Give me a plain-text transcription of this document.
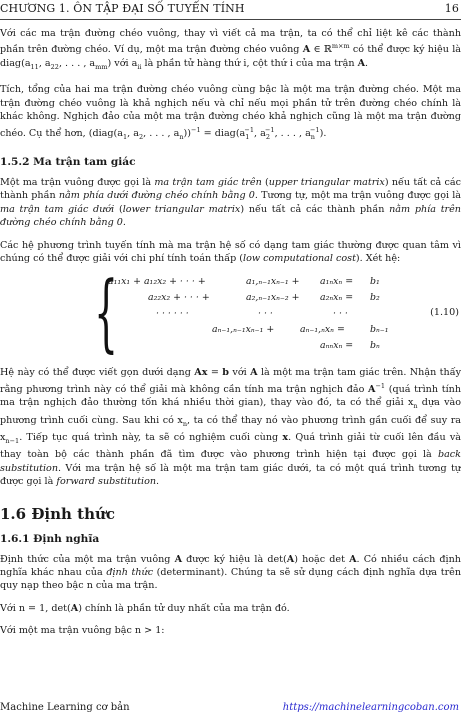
CHƯƠNG 1. ÔN TẬP ĐẠI SỐ TUYẾN TÍNH	16

Với các ma trận đường chéo vuông, thay vì viết cả ma trận, ta có thể chỉ liệt kê các thành phần trên đường chéo. Ví dụ, một ma trận đường chéo vuông A ∈ ℝ$^{m\times m}$ có thể được ký hiệu là $diag(a_{11}$, $a_{22}$, . . . , $a_{mm}$) với $a_{ii}$ là phần tử hàng thứ i, cột thứ i của ma trận A.

Tích, tổng của hai ma trận đường chéo vuông cùng bậc là một ma trận đường chéo. Một ma trận đường chéo vuông là khả nghịch nếu và chỉ nếu mọi phần tử trên đường chéo chính là khác không. Nghịch đảo của một ma trận đường chéo khả nghịch cũng là một ma trận đường chéo. Cụ thể hơn, ($diag(a_1$, $a_2$, . . . , $a_n))^{-1}$ = $diag(a_1^{-1}$, $a_2^{-1}$, . . . , $a_n^{-1}$).

1.5.2 Ma trận tam giác

Một ma trận vuông được gọi là ma trận tam giác trên (upper triangular matrix) nếu tất cả các thành phần nằm phía dưới đường chéo chính bằng 0. Tương tự, một ma trận vuông được gọi là ma trận tam giác dưới (lower triangular matrix) nếu tất cả các thành phần nằm phía trên đường chéo chính bằng 0.

Các hệ phương trình tuyến tính mà ma trận hệ số có dạng tam giác thường được quan tâm vì chúng có thể được giải với chi phí tính toán thấp (low computational cost). Xét hệ:

{
a₁₁x₁ + a₁₂x₂ + · · · +	a₁,ₙ₋₁xₙ₋₁ + a₁ₙxₙ = b₁
a₂₂x₂ + · · · +	a₂,ₙ₋₁xₙ₋₂ + a₂ₙxₙ = b₂
· · · · · ·	· · ·	· · ·
aₙ₋₁,ₙ₋₁xₙ₋₁ +	aₙ₋₁,ₙxₙ =	bₙ₋₁
aₙₙxₙ = bₙ
(1.10)

Hệ này có thể được viết gọn dưới dạng Ax = b với A là một ma trận tam giác trên. Nhận thấy rằng phương trình này có thể giải mà không cần tính ma trận nghịch đảo $A^{-1}$ (quá trình tính ma trận nghịch đảo thường tốn khá nhiều thời gian), thay vào đó, ta có thể giải $x_n$ dựa vào phương trình cuối cùng. Sau khi có $x_n$, ta có thể thay nó vào phương trình gần cuối để suy ra $x_{n-1}$. Tiếp tục quá trình này, ta sẽ có nghiệm cuối cùng x. Quá trình giải từ cuối lên đầu và thay toàn bộ các thành phần đã tìm được vào phương trình hiện tại được gọi là back substitution. Với ma trận hệ số là một ma trận tam giác dưới, ta có một quá trình tương tự được gọi là forward substitution.

1.6 Định thức
1.6.1 Định nghĩa

Định thức của một ma trận vuông A được ký hiệu là det(A) hoặc det A. Có nhiều cách định nghĩa khác nhau của định thức (determinant). Chúng ta sẽ sử dụng cách định nghĩa dựa trên quy nạp theo bậc n của ma trận.

Với n = 1, det(A) chính là phần tử duy nhất của ma trận đó.

Với một ma trận vuông bậc n > 1:

Machine Learning cơ bản	https://machinelearningcoban.com
